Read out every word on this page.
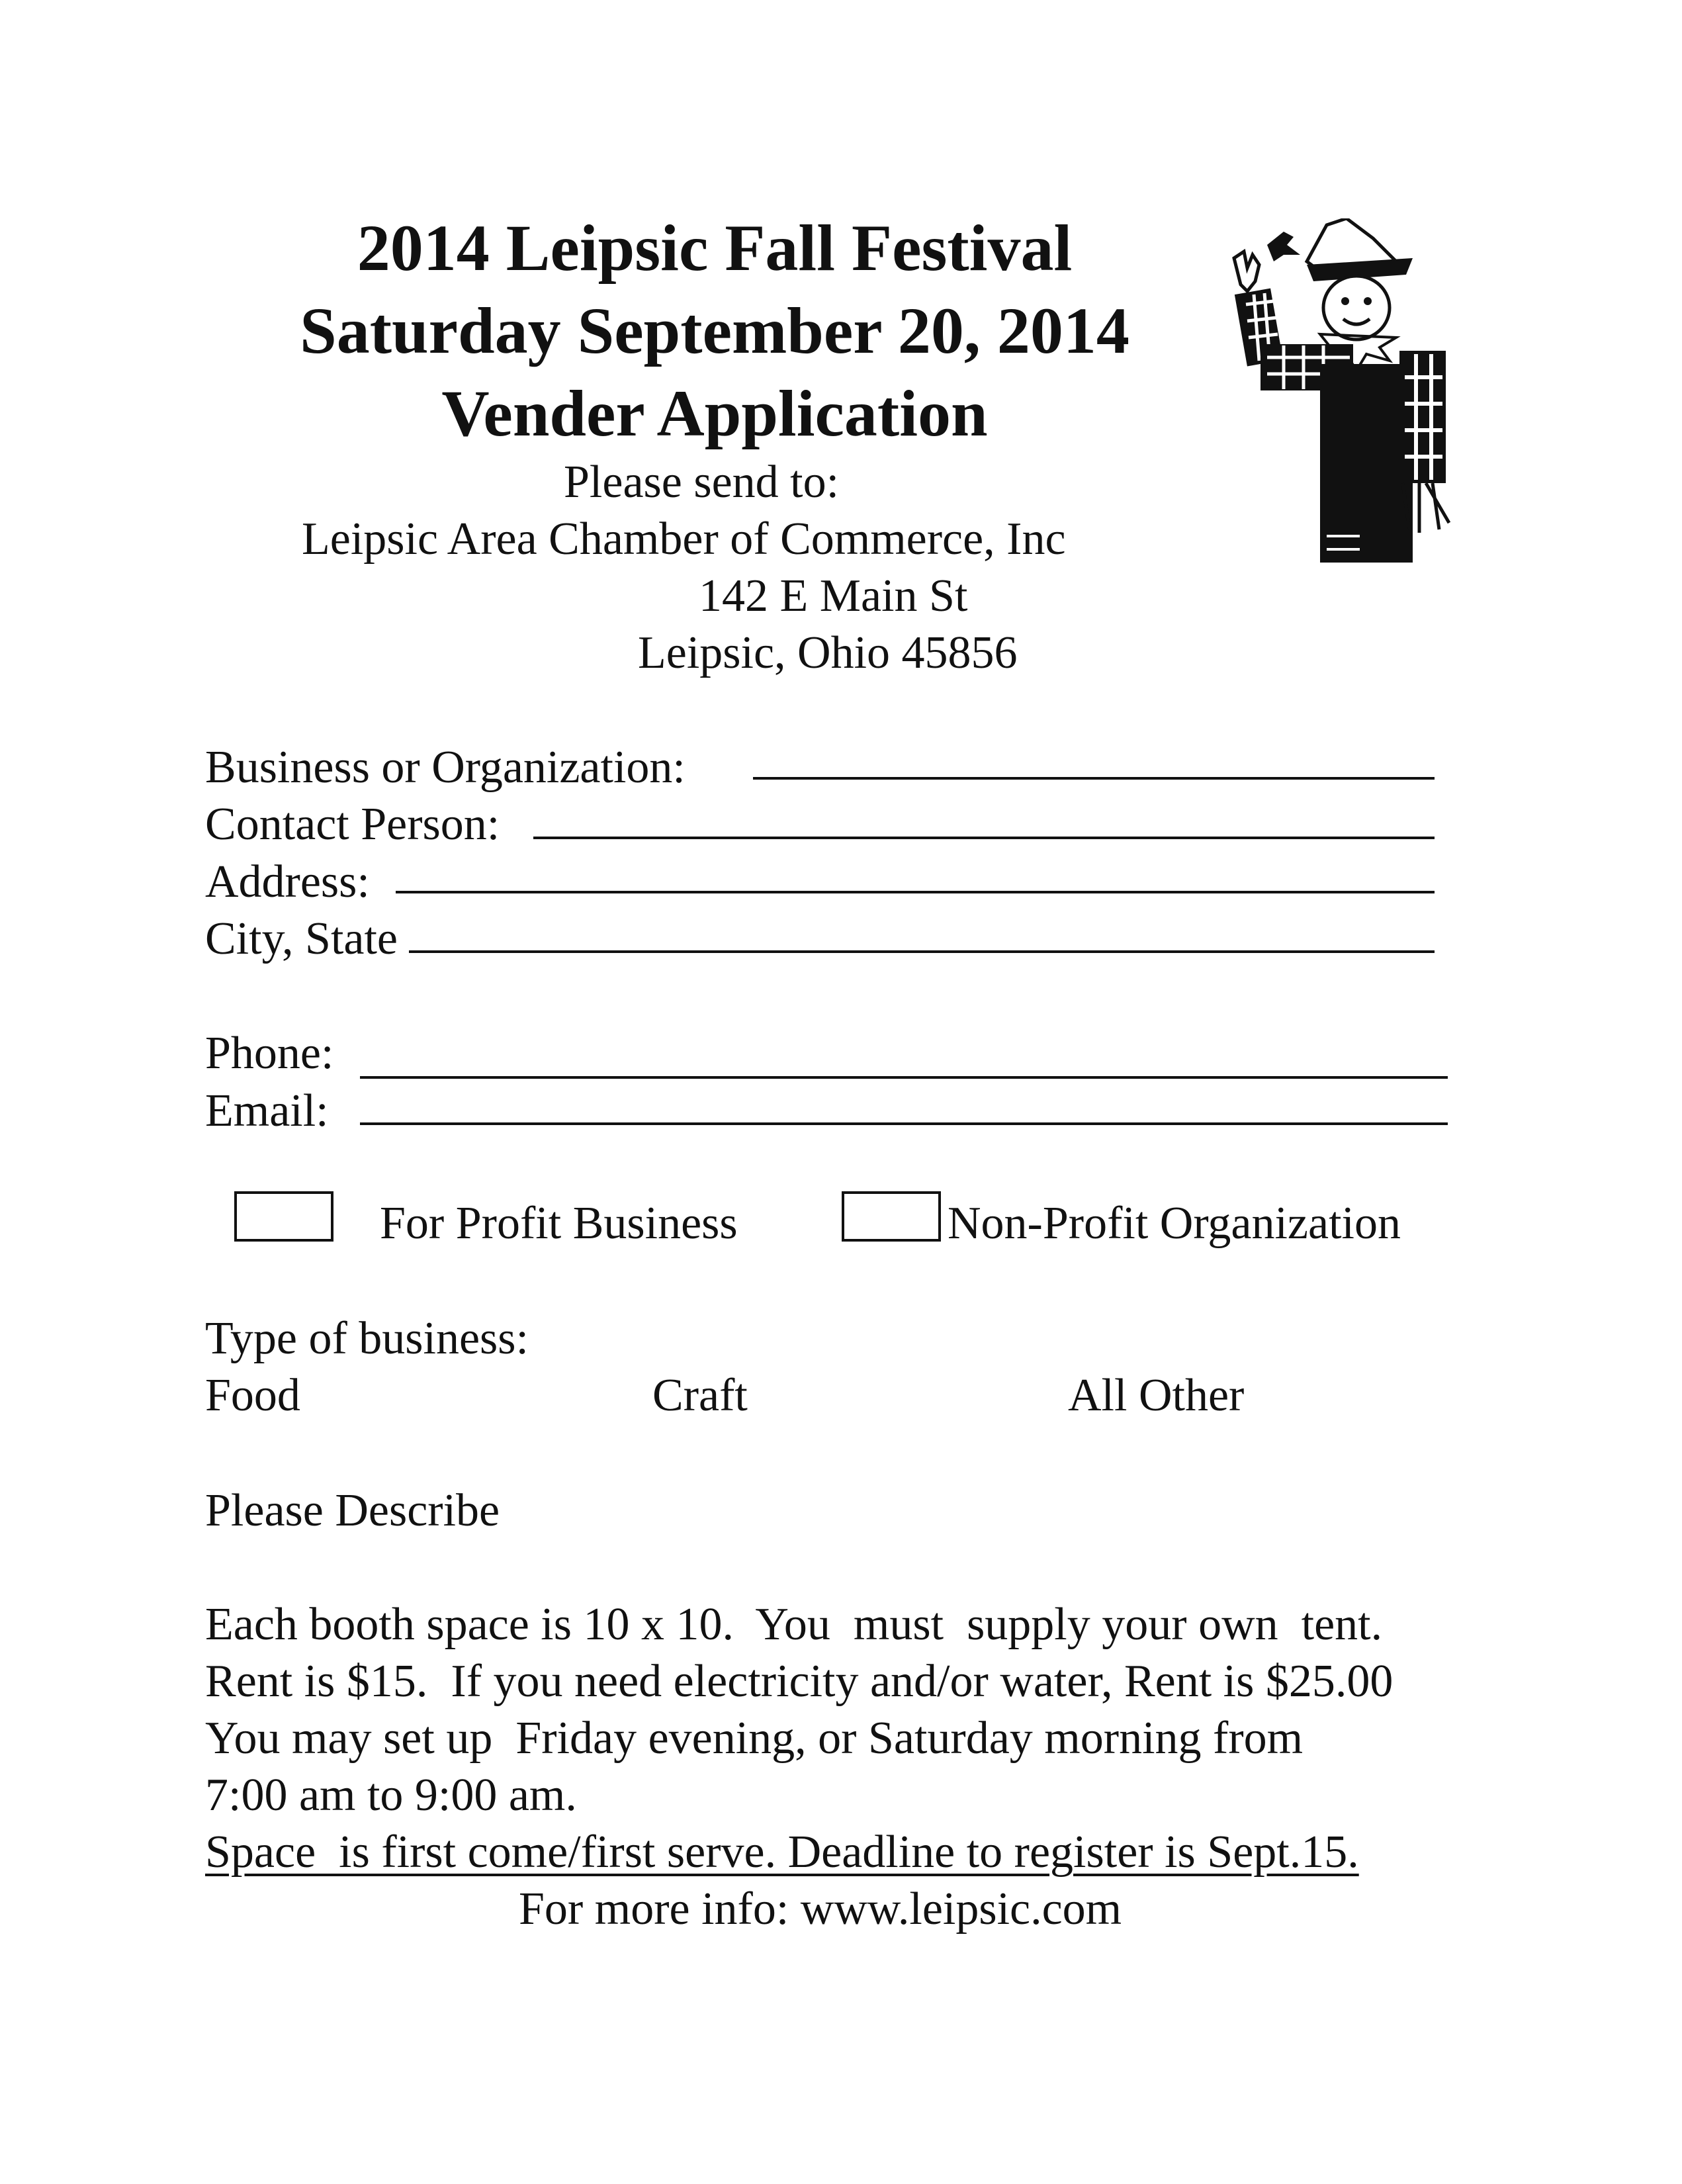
2014 Leipsic Fall Festival
Saturday September 20, 2014
Vender Application
Please send to:
Leipsic Area Chamber of Commerce, Inc
142 E Main St
Leipsic, Ohio 45856
Business or Organization:
Contact Person:
Address:
City, State
Phone:
Email:
For Profit Business	Non-Profit Organization
Type of business:
Food	Craft	All Other
Please Describe
Each booth space is 10 x 10.  You  must  supply your own  tent.
Rent is $15.  If you need electricity and/or water, Rent is $25.00
You may set up  Friday evening, or Saturday morning from
7:00 am to 9:00 am.
Space  is first come/first serve. Deadline to register is Sept.15.
For more info: www.leipsic.com
